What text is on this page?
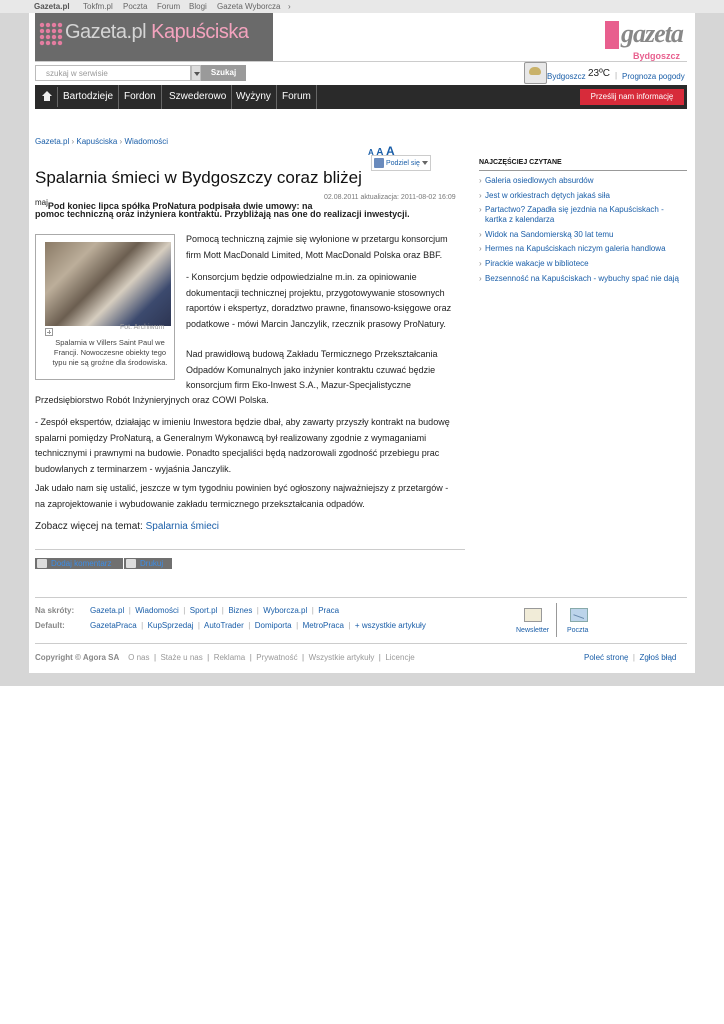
Gazeta.pl Tokfm.pl Poczta Forum Blogi Gazeta Wyborcza ›
Gazeta.pl Kapuściska	gazeta
Bydgoszcz
szukaj w serwisie	Szukaj	Bydgoszcz 23ºC | Prognoza pogody
Bartodzieje	Fordon	Szwederowo Wyżyny	Forum	Prześlij nam informację
Gazeta.pl › Kapuściska › Wiadomości
A A A
Podziel się
Spalarnia śmieci w Bydgoszczy coraz bliżej
02.08.2011 aktualizacja: 2011-08-02 16:09
$^{maj}$Pod koniec lipca spółka ProNatura podpisała dwie umowy: na
pomoc techniczną oraz inżyniera kontraktu. Przybliżają nas one do realizacji inwestycji.
Fot. Archiwum
Spalarnia w Villers Saint Paul we Francji. Nowoczesne obiekty tego typu nie są groźne dla środowiska.
Pomocą techniczną zajmie się wyłonione w przetargu konsorcjum
firm Mott MacDonald Limited, Mott MacDonald Polska oraz BBF.
- Konsorcjum będzie odpowiedzialne m.in. za opiniowanie
dokumentacji technicznej projektu, przygotowywanie stosownych
raportów i ekspertyz, doradztwo prawne, finansowo-księgowe oraz
podatkowe - mówi Marcin Janczylik, rzecznik prasowy ProNatury.
Nad prawidłową budową Zakładu Termicznego Przekształcania
Odpadów Komunalnych jako inżynier kontraktu czuwać będzie
konsorcjum firm Eko-Inwest S.A., Mazur-Specjalistyczne
Przedsiębiorstwo Robót Inżynieryjnych oraz COWI Polska.
- Zespół ekspertów, działając w imieniu Inwestora będzie dbał, aby zawarty przyszły kontrakt na budowę
spalarni pomiędzy ProNaturą, a Generalnym Wykonawcą był realizowany zgodnie z wymaganiami
technicznymi i prawnymi na budowie. Ponadto specjaliści będą nadzorowali zgodność przebiegu prac
budowlanych z terminarzem - wyjaśnia Janczylik.
Jak udało nam się ustalić, jeszcze w tym tygodniu powinien być ogłoszony najważniejszy z przetargów -
na zaprojektowanie i wybudowanie zakładu termicznego przekształcania odpadów.
Zobacz więcej na temat: Spalarnia śmieci
Dodaj komentarz	Drukuj
NAJCZĘŚCIEJ CZYTANE
› Galeria osiedlowych absurdów
› Jest w orkiestrach dętych jakaś siła
› Partactwo? Zapadła się jezdnia na Kapuściskach - kartka z kalendarza
› Widok na Sandomierską 30 lat temu
› Hermes na Kapuściskach niczym galeria handlowa
› Pirackie wakacje w bibliotece
› Bezsenność na Kapuściskach - wybuchy spać nie dają
Na skróty: Gazeta.pl  |  Wiadomości  |  Sport.pl  |  Biznes  |  Wyborcza.pl  |  Praca
Default:	GazetaPraca  |  KupSprzedaj  |  AutoTrader  |  Domiporta  |  MetroPraca  |  + wszystkie artykuły
Newsletter	Poczta
Copyright © Agora SA O nas  |  Staże u nas  |  Reklama  |  Prywatność  |  Wszystkie artykuły  |  Licencje	Poleć stronę  |  Zgłoś błąd
